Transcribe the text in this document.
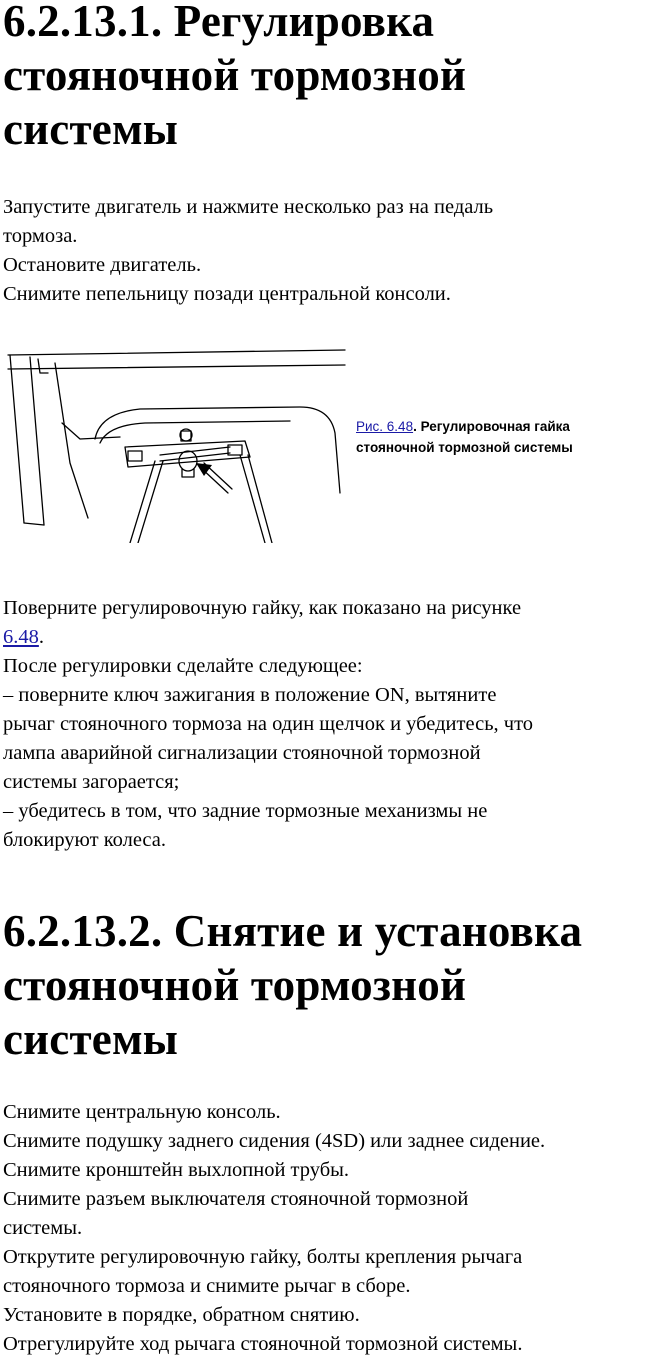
6.2.13.1. Регулировка
стояночной тормозной
системы
Запустите двигатель и нажмите несколько раз на педаль
тормоза.
Остановите двигатель.
Снимите пепельницу позади центральной консоли.
Рис. 6.48. Регулировочная гайка
стояночной тормозной системы
Поверните регулировочную гайку, как показано на рисунке
6.48.
После регулировки сделайте следующее:
– поверните ключ зажигания в положение ON, вытяните
рычаг стояночного тормоза на один щелчок и убедитесь, что
лампа аварийной сигнализации стояночной тормозной
системы загорается;
– убедитесь в том, что задние тормозные механизмы не
блокируют колеса.
6.2.13.2. Снятие и установка
стояночной тормозной
системы
Снимите центральную консоль.
Снимите подушку заднего сидения (4SD) или заднее сидение.
Снимите кронштейн выхлопной трубы.
Снимите разъем выключателя стояночной тормозной
системы.
Открутите регулировочную гайку, болты крепления рычага
стояночного тормоза и снимите рычаг в сборе.
Установите в порядке, обратном снятию.
Отрегулируйте ход рычага стояночной тормозной системы.
